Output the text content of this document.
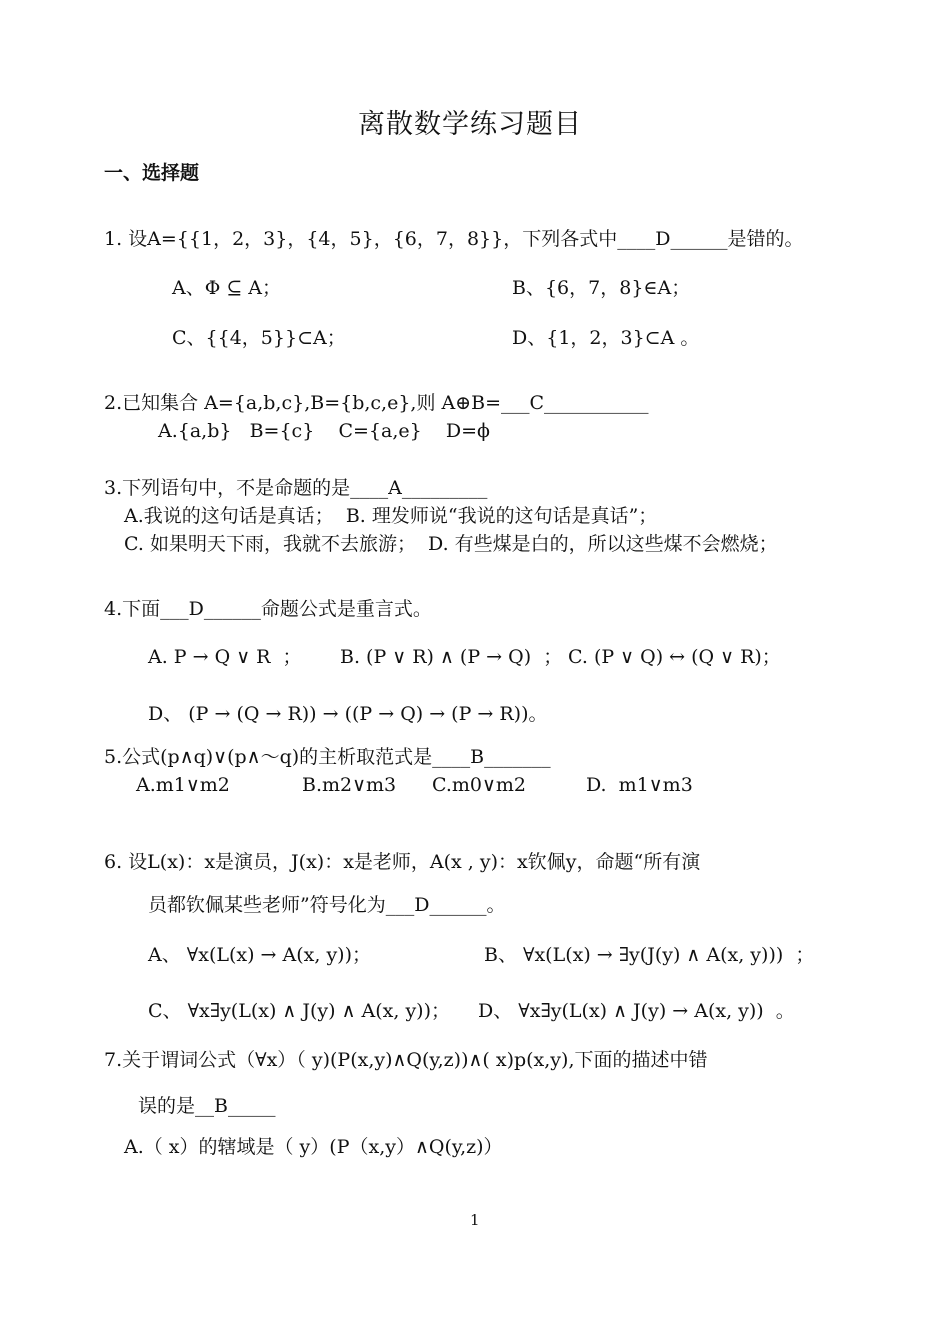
离散数学练习题目
一、选择题
1. 设A={{1，2，3}，{4，5}，{6，7，8}}，下列各式中____D______是错的。
A、Φ ⊆ A；	B、{6，7，8}∈A；
C、{{4，5}}⊂A；	D、{1，2，3}⊂A 。
2.已知集合 A={a,b,c},B={b,c,e},则 A⊕B=___C___________
A.{a,b}   B={c}    C={a,e}    D=ϕ
3.下列语句中，不是命题的是____A_________
A.我说的这句话是真话；  B. 理发师说“我说的这句话是真话”；
C. 如果明天下雨，我就不去旅游；  D. 有些煤是白的，所以这些煤不会燃烧；
4.下面___D______命题公式是重言式。
A. P → Q ∨ R  ； B. (P ∨ R) ∧ (P → Q)  ； C. (P ∨ Q) ↔ (Q ∨ R)；
D、 (P → (Q → R)) → ((P → Q) → (P → R))。
5.公式(p∧q)∨(p∧～q)的主析取范式是____B_______
A.m1∨m2	B.m2∨m3 C.m0∨m2	D.  m1∨m3
6. 设L(x)：x是演员，J(x)：x是老师，A(x , y)：x钦佩y，命题“所有演
员都钦佩某些老师”符号化为___D______。
A、 ∀x(L(x) → A(x, y))；	B、 ∀x(L(x) → ∃y(J(y) ∧ A(x, y)))  ；
C、 ∀x∃y(L(x) ∧ J(y) ∧ A(x, y))； D、 ∀x∃y(L(x) ∧ J(y) → A(x, y))  。
7.关于谓词公式（∀x）（ y)(P(x,y)∧Q(y,z))∧( x)p(x,y),下面的描述中错
误的是__B_____
A.（ x）的辖域是（ y）(P（x,y）∧Q(y,z)）
1
